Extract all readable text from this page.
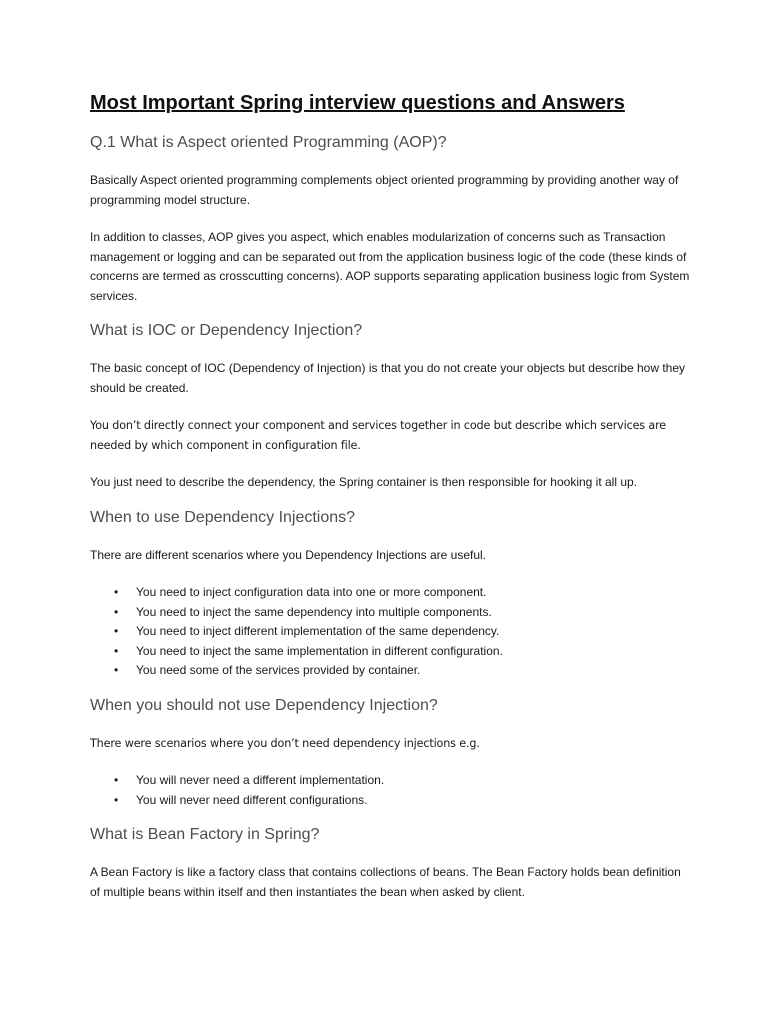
Most Important Spring interview questions and Answers
Q.1 What is Aspect oriented Programming (AOP)?

Basically Aspect oriented programming complements object oriented programming by providing another way of programming model structure.

In addition to classes, AOP gives you aspect, which enables modularization of concerns such as Transaction management or logging and can be separated out from the application business logic of the code (these kinds of concerns are termed as crosscutting concerns). AOP supports separating application business logic from System services.

What is IOC or Dependency Injection?

The basic concept of IOC (Dependency of Injection) is that you do not create your objects but describe how they should be created.

You don’t directly connect your component and services together in code but describe which services are needed by which component in configuration file.

You just need to describe the dependency, the Spring container is then responsible for hooking it all up.

When to use Dependency Injections?

There are different scenarios where you Dependency Injections are useful.

• You need to inject configuration data into one or more component.
• You need to inject the same dependency into multiple components.
• You need to inject different implementation of the same dependency.
• You need to inject the same implementation in different configuration.
• You need some of the services provided by container.
When you should not use Dependency Injection?

There were scenarios where you don’t need dependency injections e.g.

• You will never need a different implementation.
• You will never need different configurations.
What is Bean Factory in Spring?

A Bean Factory is like a factory class that contains collections of beans. The Bean Factory holds bean definition of multiple beans within itself and then instantiates the bean when asked by client.
